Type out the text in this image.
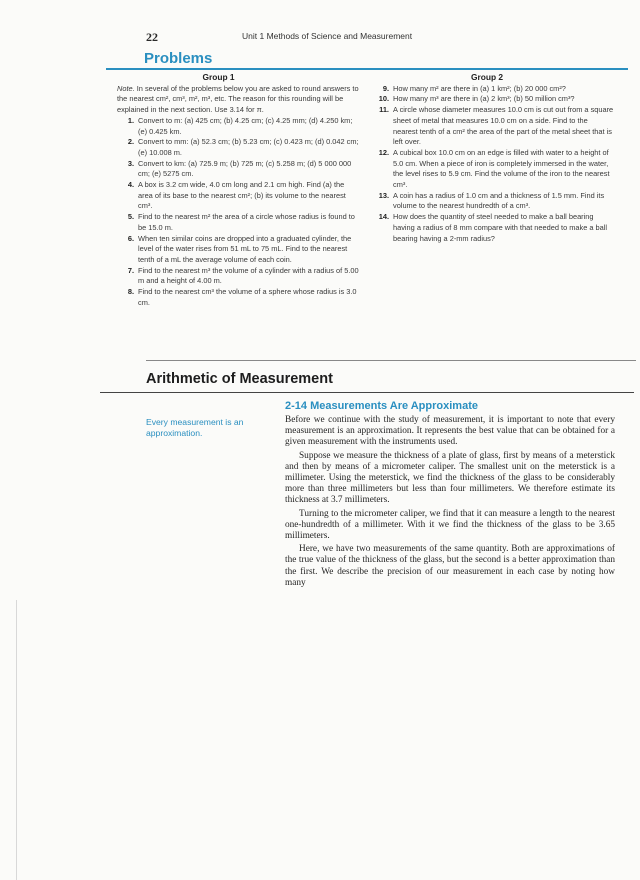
22	Unit 1 Methods of Science and Measurement
Problems
Group 1
Note. In several of the problems below you are asked to round answers to the nearest cm², cm³, m², m³, etc. The reason for this rounding will be explained in the next section. Use 3.14 for π.
1. Convert to m: (a) 425 cm; (b) 4.25 cm; (c) 4.25 mm; (d) 4.250 km; (e) 0.425 km.
2. Convert to mm: (a) 52.3 cm; (b) 5.23 cm; (c) 0.423 m; (d) 0.042 cm; (e) 10.008 m.
3. Convert to km: (a) 725.9 m; (b) 725 m; (c) 5.258 m; (d) 5 000 000 cm; (e) 5275 cm.
4. A box is 3.2 cm wide, 4.0 cm long and 2.1 cm high. Find (a) the area of its base to the nearest cm²; (b) its volume to the nearest cm³.
5. Find to the nearest m² the area of a circle whose radius is found to be 15.0 m.
6. When ten similar coins are dropped into a graduated cylinder, the level of the water rises from 51 mL to 75 mL. Find to the nearest tenth of a mL the average volume of each coin.
7. Find to the nearest m³ the volume of a cylinder with a radius of 5.00 m and a height of 4.00 m.
8. Find to the nearest cm³ the volume of a sphere whose radius is 3.0 cm.
Group 2
9. How many m² are there in (a) 1 km²; (b) 20 000 cm²?
10. How many m³ are there in (a) 2 km³; (b) 50 million cm³?
11. A circle whose diameter measures 10.0 cm is cut out from a square sheet of metal that measures 10.0 cm on a side. Find to the nearest tenth of a cm² the area of the part of the metal sheet that is left over.
12. A cubical box 10.0 cm on an edge is filled with water to a height of 5.0 cm. When a piece of iron is completely immersed in the water, the level rises to 5.9 cm. Find the volume of the iron to the nearest cm³.
13. A coin has a radius of 1.0 cm and a thickness of 1.5 mm. Find its volume to the nearest hundredth of a cm³.
14. How does the quantity of steel needed to make a ball bearing having a radius of 8 mm compare with that needed to make a ball bearing having a 2-mm radius?
Arithmetic of Measurement
Every measurement is an approximation.
2-14 Measurements Are Approximate

Before we continue with the study of measurement, it is important to note that every measurement is an approximation. It represents the best value that can be obtained for a given measurement with the instruments used.

Suppose we measure the thickness of a plate of glass, first by means of a meterstick and then by means of a micrometer caliper. The smallest unit on the meterstick is a millimeter. Using the meterstick, we find the thickness of the glass to be considerably more than three millimeters but less than four millimeters. We therefore estimate its thickness at 3.7 millimeters.

Turning to the micrometer caliper, we find that it can measure a length to the nearest one-hundredth of a millimeter. With it we find the thickness of the glass to be 3.65 millimeters.

Here, we have two measurements of the same quantity. Both are approximations of the true value of the thickness of the glass, but the second is a better approximation than the first. We describe the precision of our measurement in each case by noting how many
